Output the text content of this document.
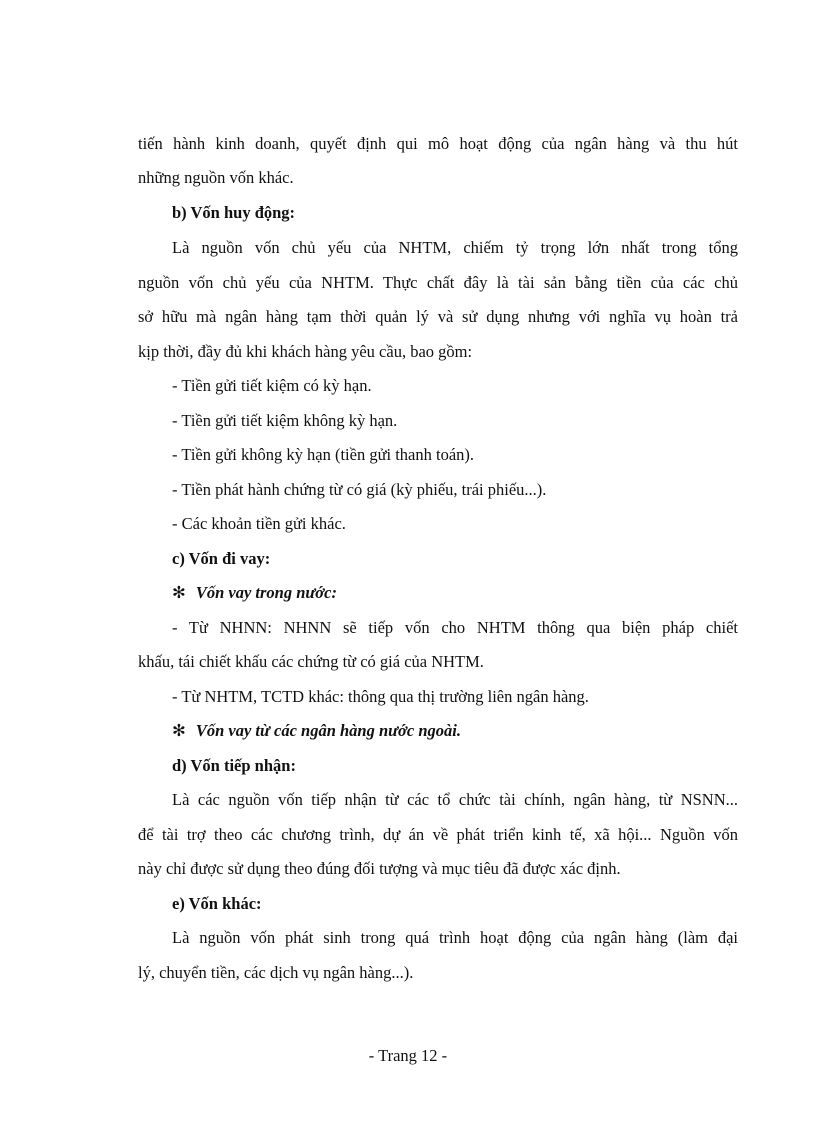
tiến hành kinh doanh, quyết định qui mô hoạt động của ngân hàng và thu hút
những nguồn vốn khác.
b) Vốn huy động:
Là nguồn vốn chủ yếu của NHTM, chiếm tỷ trọng lớn nhất trong tổng
nguồn vốn chủ yếu của NHTM. Thực chất đây là tài sản bằng tiền của các chủ
sở hữu mà ngân hàng tạm thời quản lý và sử dụng nhưng với nghĩa vụ hoàn trả
kịp thời, đầy đủ khi khách hàng yêu cầu, bao gồm:
- Tiền gửi tiết kiệm có kỳ hạn.
- Tiền gửi tiết kiệm không kỳ hạn.
- Tiền gửi không kỳ hạn (tiền gửi thanh toán).
- Tiền phát hành chứng từ có giá (kỳ phiếu, trái phiếu...).
- Các khoản tiền gửi khác.
c) Vốn đi vay:
✻ Vốn vay trong nước:
- Từ NHNN: NHNN sẽ tiếp vốn cho NHTM thông qua biện pháp chiết
khấu, tái chiết khấu các chứng từ có giá của NHTM.
- Từ NHTM, TCTD khác: thông qua thị trường liên ngân hàng.
✻ Vốn vay từ các ngân hàng nước ngoài.
d) Vốn tiếp nhận:
Là các nguồn vốn tiếp nhận từ các tổ chức tài chính, ngân hàng, từ NSNN...
để tài trợ theo các chương trình, dự án về phát triển kinh tế, xã hội... Nguồn vốn
này chỉ được sử dụng theo đúng đối tượng và mục tiêu đã được xác định.
e) Vốn khác:
Là nguồn vốn phát sinh trong quá trình hoạt động của ngân hàng (làm đại
lý, chuyển tiền, các dịch vụ ngân hàng...).
- Trang 12 -
